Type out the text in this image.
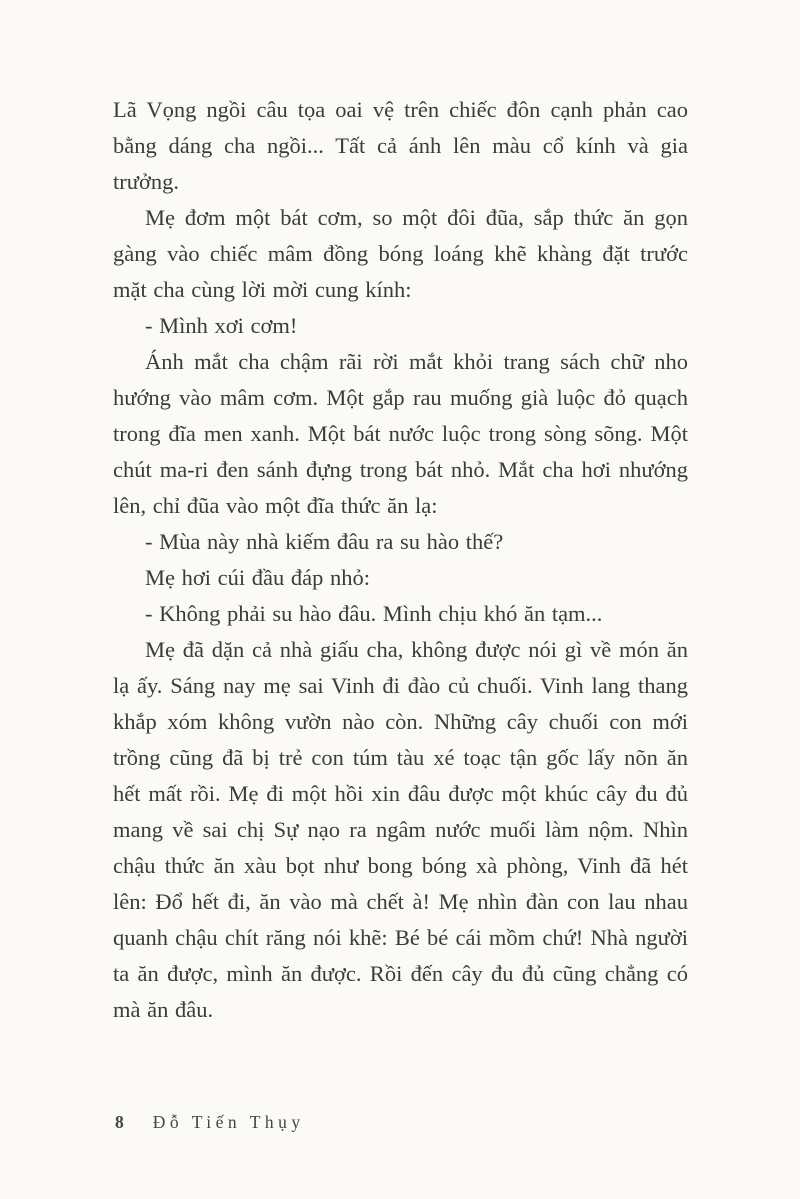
Lã Vọng ngồi câu tọa oai vệ trên chiếc đôn cạnh phản cao bằng dáng cha ngồi... Tất cả ánh lên màu cổ kính và gia trưởng.

Mẹ đơm một bát cơm, so một đôi đũa, sắp thức ăn gọn gàng vào chiếc mâm đồng bóng loáng khẽ khàng đặt trước mặt cha cùng lời mời cung kính:

- Mình xơi cơm!

Ánh mắt cha chậm rãi rời mắt khỏi trang sách chữ nho hướng vào mâm cơm. Một gắp rau muống già luộc đỏ quạch trong đĩa men xanh. Một bát nước luộc trong sòng sõng. Một chút ma-ri đen sánh đựng trong bát nhỏ. Mắt cha hơi nhướng lên, chỉ đũa vào một đĩa thức ăn lạ:

- Mùa này nhà kiếm đâu ra su hào thế?

Mẹ hơi cúi đầu đáp nhỏ:

- Không phải su hào đâu. Mình chịu khó ăn tạm...

Mẹ đã dặn cả nhà giấu cha, không được nói gì về món ăn lạ ấy. Sáng nay mẹ sai Vinh đi đào củ chuối. Vinh lang thang khắp xóm không vườn nào còn. Những cây chuối con mới trồng cũng đã bị trẻ con túm tàu xé toạc tận gốc lấy nõn ăn hết mất rồi. Mẹ đi một hồi xin đâu được một khúc cây đu đủ mang về sai chị Sự nạo ra ngâm nước muối làm nộm. Nhìn chậu thức ăn xàu bọt như bong bóng xà phòng, Vinh đã hét lên: Đổ hết đi, ăn vào mà chết à! Mẹ nhìn đàn con lau nhau quanh chậu chít răng nói khẽ: Bé bé cái mồm chứ! Nhà người ta ăn được, mình ăn được. Rồi đến cây đu đủ cũng chẳng có mà ăn đâu.

8 Đỗ Tiến Thụy
